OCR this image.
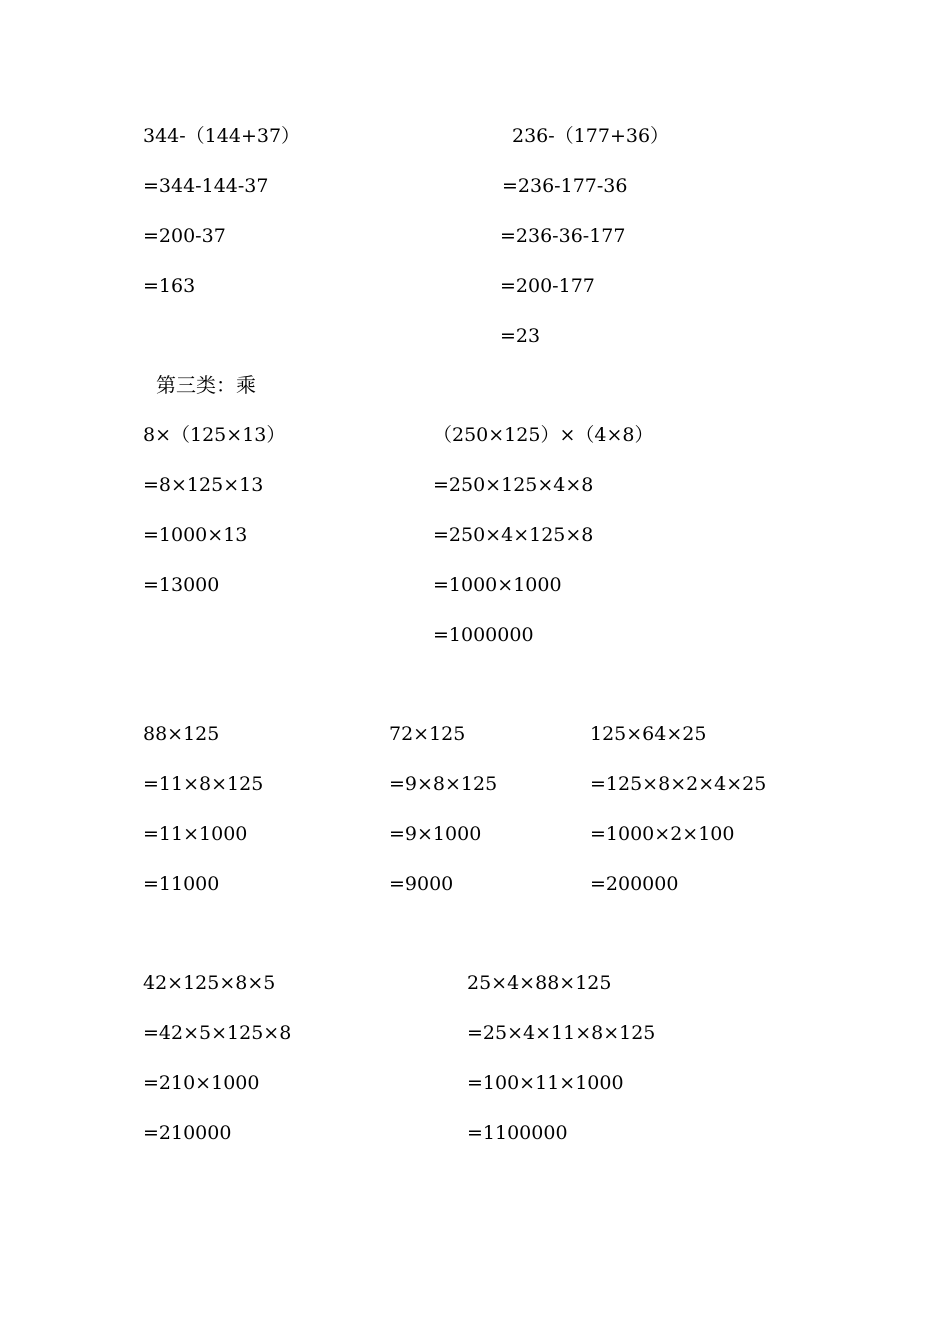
344-（144+37）
=344-144-37
=200-37
=163
236-（177+36）
=236-177-36
=236-36-177
=200-177
=23
第三类：乘
8×（125×13）
=8×125×13
=1000×13
=13000
（250×125）×（4×8）
=250×125×4×8
=250×4×125×8
=1000×1000
=1000000
88×125
=11×8×125
=11×1000
=11000
72×125
=9×8×125
=9×1000
=9000
125×64×25
=125×8×2×4×25
=1000×2×100
=200000
42×125×8×5
=42×5×125×8
=210×1000
=210000
25×4×88×125
=25×4×11×8×125
=100×11×1000
=1100000
